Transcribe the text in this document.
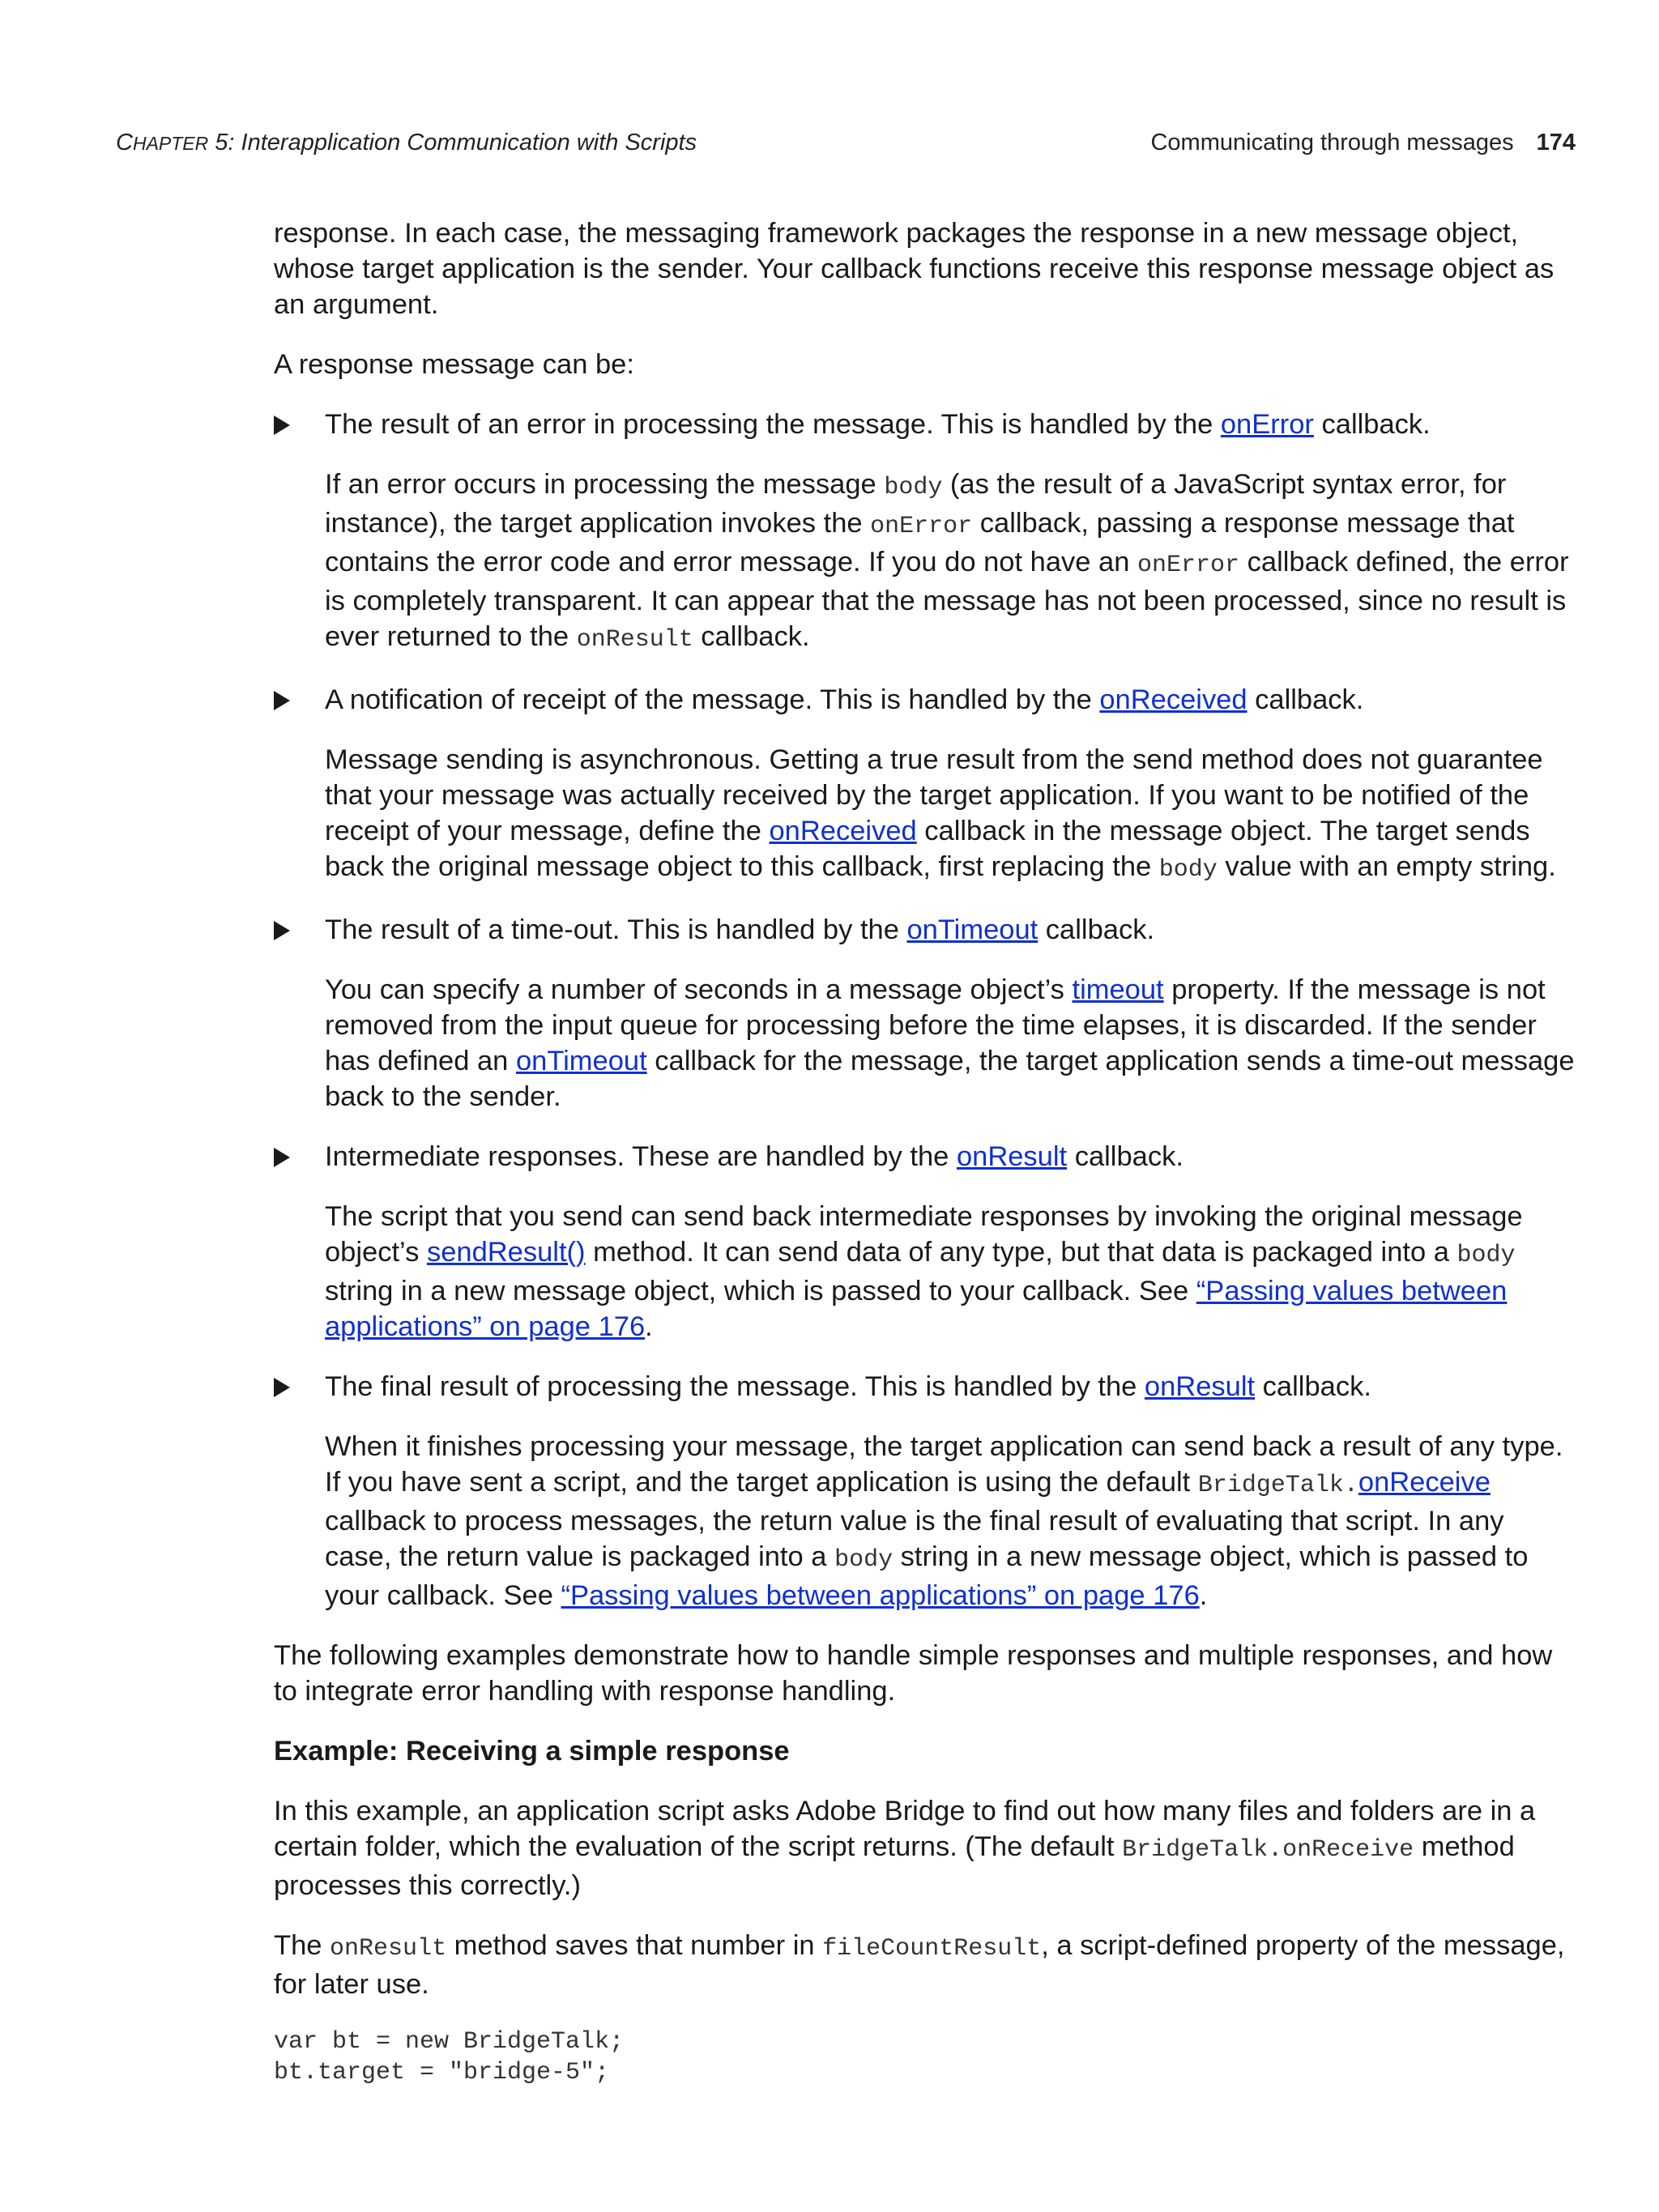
CHAPTER 5: Interapplication Communication with Scripts	Communicating through messages 174

response. In each case, the messaging framework packages the response in a new message object, whose target application is the sender. Your callback functions receive this response message object as an argument.

A response message can be:

The result of an error in processing the message. This is handled by the onError callback.
If an error occurs in processing the message body (as the result of a JavaScript syntax error, for instance), the target application invokes the onError callback, passing a response message that contains the error code and error message. If you do not have an onError callback defined, the error is completely transparent. It can appear that the message has not been processed, since no result is ever returned to the onResult callback.
A notification of receipt of the message. This is handled by the onReceived callback.
Message sending is asynchronous. Getting a true result from the send method does not guarantee that your message was actually received by the target application. If you want to be notified of the receipt of your message, define the onReceived callback in the message object. The target sends back the original message object to this callback, first replacing the body value with an empty string.
The result of a time-out. This is handled by the onTimeout callback.
You can specify a number of seconds in a message object’s timeout property. If the message is not removed from the input queue for processing before the time elapses, it is discarded. If the sender has defined an onTimeout callback for the message, the target application sends a time-out message back to the sender.
Intermediate responses. These are handled by the onResult callback.
The script that you send can send back intermediate responses by invoking the original message object’s sendResult() method. It can send data of any type, but that data is packaged into a body string in a new message object, which is passed to your callback. See “Passing values between applications” on page 176.
The final result of processing the message. This is handled by the onResult callback.
When it finishes processing your message, the target application can send back a result of any type. If you have sent a script, and the target application is using the default BridgeTalk.onReceive callback to process messages, the return value is the final result of evaluating that script. In any case, the return value is packaged into a body string in a new message object, which is passed to your callback. See “Passing values between applications” on page 176.

The following examples demonstrate how to handle simple responses and multiple responses, and how to integrate error handling with response handling.

Example: Receiving a simple response

In this example, an application script asks Adobe Bridge to find out how many files and folders are in a certain folder, which the evaluation of the script returns. (The default BridgeTalk.onReceive method processes this correctly.)

The onResult method saves that number in fileCountResult, a script-defined property of the message, for later use.

var bt = new BridgeTalk;
bt.target = "bridge-5";
